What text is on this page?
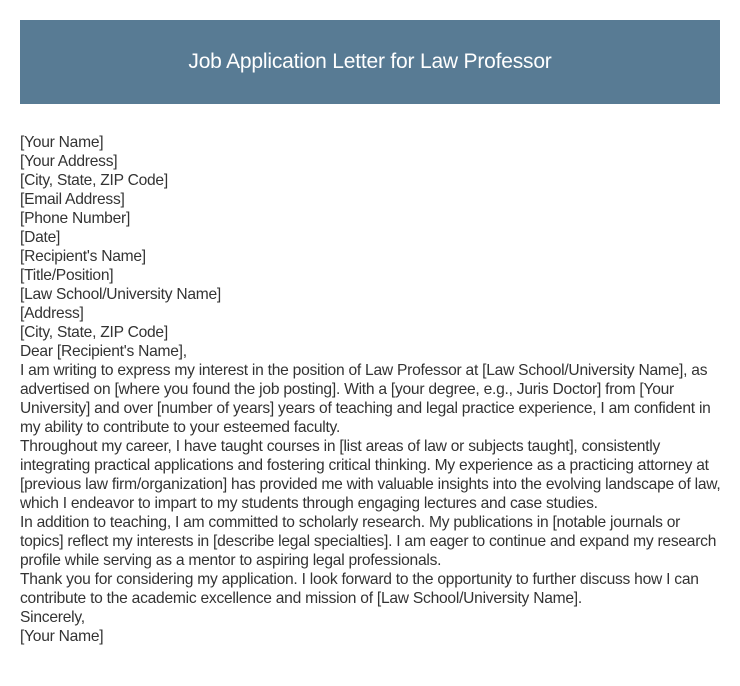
Job Application Letter for Law Professor

[Your Name]

[Your Address]

[City, State, ZIP Code]

[Email Address]

[Phone Number]

[Date]

[Recipient's Name]

[Title/Position]

[Law School/University Name]

[Address]

[City, State, ZIP Code]

Dear [Recipient's Name],

I am writing to express my interest in the position of Law Professor at [Law School/University Name], as advertised on [where you found the job posting]. With a [your degree, e.g., Juris Doctor] from [Your University] and over [number of years] years of teaching and legal practice experience, I am confident in my ability to contribute to your esteemed faculty.

Throughout my career, I have taught courses in [list areas of law or subjects taught], consistently integrating practical applications and fostering critical thinking. My experience as a practicing attorney at [previous law firm/organization] has provided me with valuable insights into the evolving landscape of law, which I endeavor to impart to my students through engaging lectures and case studies.

In addition to teaching, I am committed to scholarly research. My publications in [notable journals or topics] reflect my interests in [describe legal specialties]. I am eager to continue and expand my research profile while serving as a mentor to aspiring legal professionals.

Thank you for considering my application. I look forward to the opportunity to further discuss how I can contribute to the academic excellence and mission of [Law School/University Name].

Sincerely,

[Your Name]
